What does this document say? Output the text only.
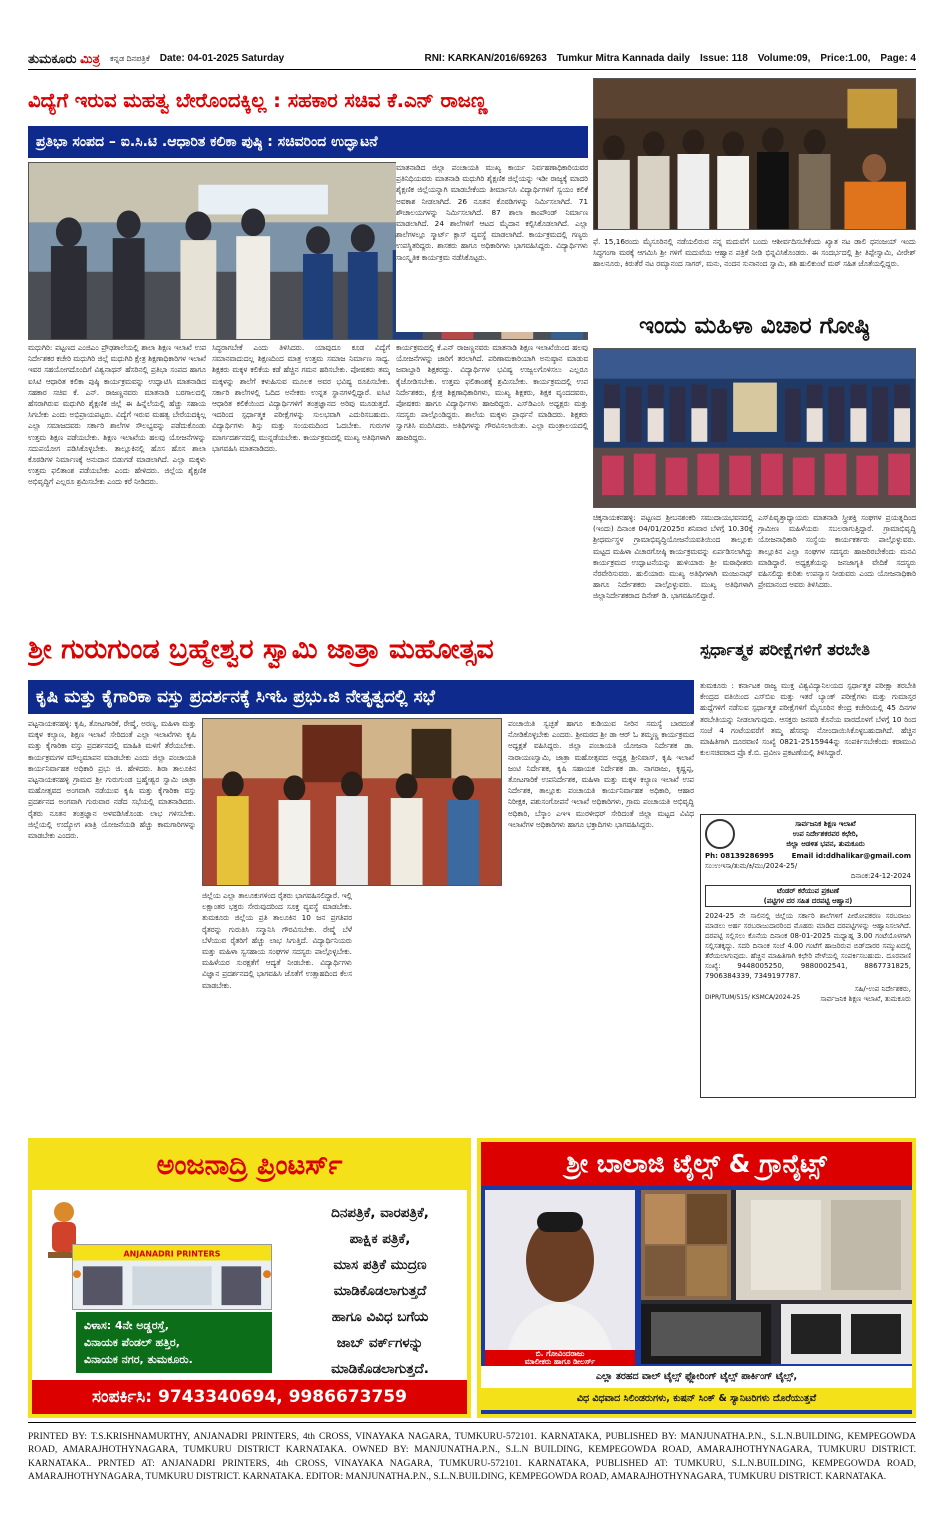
ತುಮಕೂರು ಮಿತ್ರ ಕನ್ನಡ ದಿನಪತ್ರಿಕೆ Date: 04-01-2025 Saturday	RNI: KARKAN/2016/69263 Tumkur Mitra Kannada daily Issue: 118 Volume:09, Price:1.00, Page: 4
ವಿದ್ಯೆಗೆ ಇರುವ ಮಹತ್ವ ಬೇರೊಂದಕ್ಕಿಲ್ಲ : ಸಹಕಾರ ಸಚಿವ ಕೆ.ಎನ್ ರಾಜಣ್ಣ
ಪ್ರತಿಭಾ ಸಂಪದ – ಐ.ಸಿ.ಟಿ .ಆಧಾರಿತ ಕಲಿಕಾ ಪುಷ್ಠಿ : ಸಚಿವರಿಂದ ಉದ್ಘಾಟನೆ
ಮಧುಗಿರಿ: ಪಟ್ಟಣದ ಎಂಜಿಎಂ ಪ್ರೌಢಶಾಲೆಯಲ್ಲಿ ಶಾಲಾ ಶಿಕ್ಷಣ ಇಲಾಖೆ ಉಪ ನಿರ್ದೇಶಕರ ಕಚೇರಿ ಮಧುಗಿರಿ ಜಿಲ್ಲೆ ಮಧುಗಿರಿ ಕ್ಷೇತ್ರ ಶಿಕ್ಷಣಾಧಿಕಾರಿಗಳ ಇಲಾಖೆ ಇವರ ಸಹಯೋಗದೊಂದಿಗೆ ವಿಶ್ವನಾಥನ್ ಹೆಸರಿನಲ್ಲಿ ಪ್ರತಿಭಾ ಸಂಪದ ಹಾಗೂ ಐಸಿಟಿ ಆಧಾರಿತ ಕಲಿಕಾ ಪುಷ್ಠಿ ಕಾರ್ಯಕ್ರಮವನ್ನು ಉದ್ಘಾಟಿಸಿ ಮಾತನಾಡಿದ ಸಹಕಾರ ಸಚಿವ ಕೆ. ಎನ್. ರಾಜಣ್ಣನವರು ಮಾತನಾಡಿ ಬರಗಾಲದಲ್ಲಿ ಹೆಸರಾಗಿರುವ ಮಧುಗಿರಿ ಶೈಕ್ಷಣಿಕ ಜಿಲ್ಲೆ ಈ ಹಿನ್ನೆಲೆಯಲ್ಲಿ ಹೆಚ್ಚು ಸಹಾಯ ಸಿಗಬೇಕು ಎಂದು ಅಭಿಪ್ರಾಯಪಟ್ಟರು. ವಿದ್ಯೆಗೆ ಇರುವ ಮಹತ್ವ ಬೇರೆಯದಕ್ಕಿಲ್ಲ ಎಲ್ಲಾ ಸಮಾಜದವರು ಸರ್ಕಾರಿ ಶಾಲೆಗಳ ಸೌಲಭ್ಯವನ್ನು ಪಡೆದುಕೊಂಡು ಉತ್ತಮ ಶಿಕ್ಷಣ ಪಡೆಯಬೇಕು. ಶಿಕ್ಷಣ ಇಲಾಖೆಯ ಹಲವು ಯೋಜನೆಗಳನ್ನು ಸದುಪಯೋಗ ಪಡಿಸಿಕೊಳ್ಳಬೇಕು. ತಾಲ್ಲೂಕಿನಲ್ಲಿ ಹೊಸ ಹೊಸ ಶಾಲಾ ಕೊಠಡಿಗಳ ನಿರ್ಮಾಣಕ್ಕೆ ಅನುದಾನ ಬಿಡುಗಡೆ ಮಾಡಲಾಗಿದೆ. ಎಲ್ಲಾ ಮಕ್ಕಳು ಉತ್ತಮ ಫಲಿತಾಂಶ ಪಡೆಯಬೇಕು ಎಂದು ಹೇಳಿದರು. ಜಿಲ್ಲೆಯ ಶೈಕ್ಷಣಿಕ ಅಭಿವೃದ್ಧಿಗೆ ಎಲ್ಲರೂ ಶ್ರಮಿಸಬೇಕು ಎಂದು ಕರೆ ನೀಡಿದರು.
ಸಿದ್ಧರಾಗಬೇಕೆ ಎಂದು ತಿಳಿಸಿದರು. ಯಾವುದೂ ಕೂಡ ವಿದ್ಯೆಗೆ ಸಮಾನವಾದುದಲ್ಲ ಶಿಕ್ಷಣದಿಂದ ಮಾತ್ರ ಉತ್ತಮ ಸಮಾಜ ನಿರ್ಮಾಣ ಸಾಧ್ಯ. ಶಿಕ್ಷಕರು ಮಕ್ಕಳ ಕಲಿಕೆಯ ಕಡೆ ಹೆಚ್ಚಿನ ಗಮನ ಹರಿಸಬೇಕು. ಪೋಷಕರು ತಮ್ಮ ಮಕ್ಕಳನ್ನು ಶಾಲೆಗೆ ಕಳುಹಿಸುವ ಮೂಲಕ ಅವರ ಭವಿಷ್ಯ ರೂಪಿಸಬೇಕು. ಸರ್ಕಾರಿ ಶಾಲೆಗಳಲ್ಲಿ ಓದಿದ ಅನೇಕರು ಉನ್ನತ ಸ್ಥಾನಗಳಲ್ಲಿದ್ದಾರೆ. ಐಸಿಟಿ ಆಧಾರಿತ ಕಲಿಕೆಯಿಂದ ವಿದ್ಯಾರ್ಥಿಗಳಿಗೆ ತಂತ್ರಜ್ಞಾನದ ಅರಿವು ಮೂಡುತ್ತದೆ. ಇದರಿಂದ ಸ್ಪರ್ಧಾತ್ಮಕ ಪರೀಕ್ಷೆಗಳನ್ನು ಸುಲಭವಾಗಿ ಎದುರಿಸಬಹುದು. ವಿದ್ಯಾರ್ಥಿಗಳು ಶಿಸ್ತು ಮತ್ತು ಸಂಯಮದಿಂದ ಓದಬೇಕು. ಗುರುಗಳ ಮಾರ್ಗದರ್ಶನದಲ್ಲಿ ಮುನ್ನಡೆಯಬೇಕು. ಕಾರ್ಯಕ್ರಮದಲ್ಲಿ ಮುಖ್ಯ ಅತಿಥಿಗಳಾಗಿ ಭಾಗವಹಿಸಿ ಮಾತನಾಡಿದರು.
ಮಾತನಾಡಿದ ಜಿಲ್ಲಾ ಪಂಚಾಯತಿ ಮುಖ್ಯ ಕಾರ್ಯ ನಿರ್ವಹಣಾಧಿಕಾರಿಯವರ ಪ್ರತಿನಿಧಿಯವರು ಮಾತನಾಡಿ ಮಧುಗಿರಿ ಶೈಕ್ಷಣಿಕ ಜಿಲ್ಲೆಯನ್ನು ಇಡೀ ರಾಜ್ಯಕ್ಕೆ ಮಾದರಿ ಶೈಕ್ಷಣಿಕ ಜಿಲ್ಲೆಯನ್ನಾಗಿ ಮಾಡಬೇಕೆಂದು ತೀರ್ಮಾನಿಸಿ ವಿದ್ಯಾರ್ಥಿಗಳಿಗೆ ಸ್ವಯಂ ಕಲಿಕೆ ಅವಕಾಶ ನೀಡಲಾಗಿದೆ. 26 ನೂತನ ಕೊಠಡಿಗಳನ್ನು ನಿರ್ಮಿಸಲಾಗಿದೆ. 71 ಶೌಚಾಲಯಗಳನ್ನು ನಿರ್ಮಿಸಲಾಗಿದೆ. 87 ಶಾಲಾ ಕಾಂಪೌಂಡ್ ನಿರ್ಮಾಣ ಮಾಡಲಾಗಿದೆ. 24 ಶಾಲೆಗಳಿಗೆ ಆಟದ ಮೈದಾನ ಕಲ್ಪಿಸಿಕೊಡಲಾಗಿದೆ. ಎಲ್ಲಾ ಶಾಲೆಗಳಲ್ಲೂ ಸ್ಮಾರ್ಟ್ ಕ್ಲಾಸ್ ವ್ಯವಸ್ಥೆ ಮಾಡಲಾಗಿದೆ. ಕಾರ್ಯಕ್ರಮದಲ್ಲಿ ಗಣ್ಯರು ಉಪಸ್ಥಿತರಿದ್ದರು. ಶಾಸಕರು ಹಾಗೂ ಅಧಿಕಾರಿಗಳು ಭಾಗವಹಿಸಿದ್ದರು. ವಿದ್ಯಾರ್ಥಿಗಳು ಸಾಂಸ್ಕೃತಿಕ ಕಾರ್ಯಕ್ರಮ ನಡೆಸಿಕೊಟ್ಟರು.
ಕಾರ್ಯಕ್ರಮದಲ್ಲಿ ಕೆ.ಎನ್ ರಾಜಣ್ಣನವರು ಮಾತನಾಡಿ ಶಿಕ್ಷಣ ಇಲಾಖೆಯಿಂದ ಹಲವು ಯೋಜನೆಗಳನ್ನು ಜಾರಿಗೆ ತರಲಾಗಿದೆ. ಪರಿಣಾಮಕಾರಿಯಾಗಿ ಅನುಷ್ಠಾನ ಮಾಡುವ ಜವಾಬ್ದಾರಿ ಶಿಕ್ಷಕರದ್ದು. ವಿದ್ಯಾರ್ಥಿಗಳ ಭವಿಷ್ಯ ಉಜ್ವಲಗೊಳಿಸಲು ಎಲ್ಲರೂ ಕೈಜೋಡಿಸಬೇಕು. ಉತ್ತಮ ಫಲಿತಾಂಶಕ್ಕೆ ಶ್ರಮಿಸಬೇಕು. ಕಾರ್ಯಕ್ರಮದಲ್ಲಿ ಉಪ ನಿರ್ದೇಶಕರು, ಕ್ಷೇತ್ರ ಶಿಕ್ಷಣಾಧಿಕಾರಿಗಳು, ಮುಖ್ಯ ಶಿಕ್ಷಕರು, ಶಿಕ್ಷಕ ವೃಂದದವರು, ಪೋಷಕರು ಹಾಗೂ ವಿದ್ಯಾರ್ಥಿಗಳು ಹಾಜರಿದ್ದರು. ಎಸ್‌ಡಿಎಂಸಿ ಅಧ್ಯಕ್ಷರು ಮತ್ತು ಸದಸ್ಯರು ಪಾಲ್ಗೊಂಡಿದ್ದರು. ಶಾಲೆಯ ಮಕ್ಕಳು ಪ್ರಾರ್ಥನೆ ಮಾಡಿದರು. ಶಿಕ್ಷಕರು ಸ್ವಾಗತಿಸಿ ವಂದಿಸಿದರು. ಅತಿಥಿಗಳನ್ನು ಗೌರವಿಸಲಾಯಿತು. ಎಲ್ಲಾ ಮಂತ್ರಾಲಯದಲ್ಲಿ ಹಾಜರಿದ್ದರು.
ಫೆ. 15,16ರಂದು ಮೈಸೂರಿನಲ್ಲಿ ನಡೆಯಲಿರುವ ನನ್ನ ಮದುವೆಗೆ ಬಂದು ಆಶೀರ್ವದಿಸಬೇಕೆಂದು ಖ್ಯಾತ ನಟ ಡಾಲಿ ಧನಂಜಯ್ ಇಂದು ಸಿದ್ಧಗಂಗಾ ಮಠಕ್ಕೆ ಆಗಮಿಸಿ ಶ್ರೀ ಗಳಿಗೆ ಮದುವೆಯ ಆಹ್ವಾನ ಪತ್ರಿಕೆ ನೀಡಿ ಭಿನ್ನವಿಸಿಕೊಂಡರು. ಈ ಸಂದರ್ಭದಲ್ಲಿ ಶ್ರೀ ತಿಪ್ಪೇಸ್ವಾಮಿ, ವೀರೇಶ್ ಹಾಲನೂರು, ಕಿರುತೆರೆ ನಟ ರಮ್ಯಾನಂದ ಸಾಗರ್, ಮನು, ನಂದನ ಸುನಾನಂದ ಸ್ವಾಮಿ, ಶಶಿ ಹುಲಿಕುಂಟೆ ಮಠ್ ಸಹಿತ ಜೊತೆಯಲ್ಲಿದ್ದರು.
ಇಂದು ಮಹಿಳಾ ವಿಚಾರ ಗೋಷ್ಠಿ
ಚಿಕ್ಕನಾಯಕನಹಳ್ಳಿ: ಪಟ್ಟಣದ ಶ್ರೀಬನಶಂಕರಿ ಸಮುದಾಯಭವನದಲ್ಲಿ (ಇಂದು) ದಿನಾಂಕ 04/01/2025ರ ಶನಿವಾರ ಬೆಳಗ್ಗೆ 10.30ಕ್ಕೆ ಶ್ರೀಧರ್ಮಸ್ಥಳ ಗ್ರಾಮಾಭಿವೃದ್ಧಿಯೋಜನೆಯವತಿಯಿಂದ ತಾಲ್ಲೂಕು ಮಟ್ಟದ ಮಹಿಳಾ ವಿಚಾರಗೋಷ್ಠಿ ಕಾರ್ಯಕ್ರಮವನ್ನು ಏರ್ಪಡಿಸಲಾಗಿದ್ದು ಕಾರ್ಯಕ್ರಮದ ಉದ್ಘಾಟನೆಯನ್ನು ಹುಳಿಯಾರು ಶ್ರೀ ಮಠಾಧೀಶರು ನೆರವೇರಿಸುವರು. ಹುಲಿಯಾರು ಮುಖ್ಯ ಅತಿಥಿಗಳಾಗಿ ಮಂಜುನಾಥ್ ಹಾಗೂ ನಿರ್ದೇಶಕರು ಪಾಲ್ಗೊಳ್ಳುವರು. ಮುಖ್ಯ ಅತಿಥಿಗಳಾಗಿ ಜಿಲ್ಲಾನಿರ್ದೇಶಕರಾದ ದಿನೇಶ್ ಡಿ. ಭಾಗವಹಿಸಲಿದ್ದಾರೆ.
ಎಸ್‌ಪಿವೃತ್ತಾಧ್ಯಾಯರು ಮಾತನಾಡಿ ಸ್ತ್ರೀಶಕ್ತಿ ಸಂಘಗಳ ಪ್ರಯತ್ನದಿಂದ ಗ್ರಾಮೀಣ ಮಹಿಳೆಯರು ಸಬಲರಾಗುತ್ತಿದ್ದಾರೆ. ಗ್ರಾಮಾಭಿವೃದ್ಧಿ ಯೋಜನಾಧಿಕಾರಿ ಸಂಸ್ಥೆಯ ಕಾರ್ಯಕರ್ತರು ಪಾಲ್ಗೊಳ್ಳುವರು. ತಾಲ್ಲೂಕಿನ ಎಲ್ಲಾ ಸಂಘಗಳ ಸದಸ್ಯರು ಹಾಜರಿರಬೇಕೆಂದು ಮನವಿ ಮಾಡಿದ್ದಾರೆ. ಅಧ್ಯಕ್ಷತೆಯನ್ನು ಜನಜಾಗೃತಿ ವೇದಿಕೆ ಸದಸ್ಯರು ವಹಿಸಲಿದ್ದು ಕುರಿತು ಉಪನ್ಯಾಸ ನೀಡುವರು ಎಂದು ಯೋಜನಾಧಿಕಾರಿ ಪ್ರೇಮಾನಂದ ಅವರು ತಿಳಿಸಿದರು.
ಶ್ರೀ ಗುರುಗುಂಡ ಬ್ರಹ್ಮೇಶ್ವರ ಸ್ವಾಮಿ ಜಾತ್ರಾ ಮಹೋತ್ಸವ
ಕೃಷಿ ಮತ್ತು ಕೈಗಾರಿಕಾ ವಸ್ತು ಪ್ರದರ್ಶನಕ್ಕೆ ಸಿಇಓ ಪ್ರಭು.ಜಿ ನೇತೃತ್ವದಲ್ಲಿ ಸಭೆ
ಪಟ್ಟನಾಯಕನಹಳ್ಳಿ: ಕೃಷಿ, ತೋಟಗಾರಿಕೆ, ರೇಷ್ಮೆ, ಅರಣ್ಯ, ಮಹಿಳಾ ಮತ್ತು ಮಕ್ಕಳ ಕಲ್ಯಾಣ, ಶಿಕ್ಷಣ ಇಲಾಖೆ ಸೇರಿದಂತೆ ಎಲ್ಲಾ ಇಲಾಖೆಗಳು ಕೃಷಿ ಮತ್ತು ಕೈಗಾರಿಕಾ ವಸ್ತು ಪ್ರದರ್ಶನದಲ್ಲಿ ಮಾಹಿತಿ ಮಳಿಗೆ ತೆರೆಯಬೇಕು. ಕಾರ್ಯಕ್ರಮಗಳ ಮೌಲ್ಯಮಾಪನ ಮಾಡಬೇಕು ಎಂದು ಜಿಲ್ಲಾ ಪಂಚಾಯತಿ ಕಾರ್ಯನಿರ್ವಾಹಕ ಅಧಿಕಾರಿ ಪ್ರಭು ಜಿ. ಹೇಳಿದರು. ಶಿರಾ ತಾಲೂಕಿನ ಪಟ್ಟನಾಯಕನಹಳ್ಳಿ ಗ್ರಾಮದ ಶ್ರೀ ಗುರುಗುಂಡ ಬ್ರಹ್ಮೇಶ್ವರ ಸ್ವಾಮಿ ಜಾತ್ರಾ ಮಹೋತ್ಸವದ ಅಂಗವಾಗಿ ನಡೆಯುವ ಕೃಷಿ ಮತ್ತು ಕೈಗಾರಿಕಾ ವಸ್ತು ಪ್ರದರ್ಶನದ ಅಂಗವಾಗಿ ಗುರುವಾರ ನಡೆದ ಸಭೆಯಲ್ಲಿ ಮಾತನಾಡಿದರು. ರೈತರು ನೂತನ ತಂತ್ರಜ್ಞಾನ ಅಳವಡಿಸಿಕೊಂಡು ಲಾಭ ಗಳಿಸಬೇಕು. ಜಿಲ್ಲೆಯಲ್ಲಿ ಉದ್ಯೋಗ ಖಾತ್ರಿ ಯೋಜನೆಯಡಿ ಹೆಚ್ಚು ಕಾಮಗಾರಿಗಳನ್ನು ಮಾಡಬೇಕು ಎಂದರು.
ಜಿಲ್ಲೆಯ ಎಲ್ಲಾ ತಾಲೂಕುಗಳಿಂದ ರೈತರು ಭಾಗವಹಿಸಲಿದ್ದಾರೆ. ಇಲ್ಲಿ ಲಕ್ಷಾಂತರ ಭಕ್ತರು ಸೇರುವುದರಿಂದ ಸೂಕ್ತ ವ್ಯವಸ್ಥೆ ಮಾಡಬೇಕು. ತುಮಕೂರು ಜಿಲ್ಲೆಯ ಪ್ರತಿ ತಾಲೂಕಿನ 10 ಜನ ಪ್ರಗತಿಪರ ರೈತರನ್ನು ಗುರುತಿಸಿ ಸನ್ಮಾನಿಸಿ ಗೌರವಿಸಬೇಕು. ರೇಷ್ಮೆ ಬೆಳೆ ಬೆಳೆಯುವ ರೈತರಿಗೆ ಹೆಚ್ಚು ಲಾಭ ಸಿಗುತ್ತಿದೆ. ವಿದ್ಯಾರ್ಥಿನಿಯರು ಮತ್ತು ಮಹಿಳಾ ಸ್ವಸಹಾಯ ಸಂಘಗಳ ಸದಸ್ಯರು ಪಾಲ್ಗೊಳ್ಳಬೇಕು. ಮಹಿಳೆಯರ ಸುರಕ್ಷತೆಗೆ ಆದ್ಯತೆ ನೀಡಬೇಕು. ವಿದ್ಯಾರ್ಥಿಗಳು ವಿಜ್ಞಾನ ಪ್ರದರ್ಶನದಲ್ಲಿ ಭಾಗವಹಿಸಿ ಜೊತೆಗೆ ಉತ್ಸಾಹದಿಂದ ಕೆಲಸ ಮಾಡಬೇಕು.
ಪಂಚಾಯಿತಿ ಸ್ವಚ್ಛತೆ ಹಾಗೂ ಕುಡಿಯುವ ನೀರಿನ ಸಮಸ್ಯೆ ಬಾರದಂತೆ ನೋಡಿಕೊಳ್ಳಬೇಕು ಎಂದರು. ಶ್ರೀಮಠದ ಶ್ರೀ ಡಾ ಆರ್ ಓ ತಮ್ಮಣ್ಣ ಕಾರ್ಯಕ್ರಮದ ಅಧ್ಯಕ್ಷತೆ ವಹಿಸಿದ್ದರು. ಜಿಲ್ಲಾ ಪಂಚಾಯತಿ ಯೋಜನಾ ನಿರ್ದೇಶಕ ಡಾ. ನಾರಾಯಣಸ್ವಾಮಿ, ಜಾತ್ರಾ ಮಹೋತ್ಸವದ ಅಧ್ಯಕ್ಷ ಶ್ರೀನಿವಾಸ್, ಕೃಷಿ ಇಲಾಖೆ ಜಂಟಿ ನಿರ್ದೇಶಕ, ಕೃಷಿ ಸಹಾಯಕ ನಿರ್ದೇಶಕ ಡಾ. ನಾಗರಾಜು, ಕೃಷ್ಣಪ್ಪ, ತೋಟಗಾರಿಕೆ ಉಪನಿರ್ದೇಶಕ, ಮಹಿಳಾ ಮತ್ತು ಮಕ್ಕಳ ಕಲ್ಯಾಣ ಇಲಾಖೆ ಉಪ ನಿರ್ದೇಶಕ, ತಾಲ್ಲೂಕು ಪಂಚಾಯತಿ ಕಾರ್ಯನಿರ್ವಾಹಕ ಅಧಿಕಾರಿ, ಆಹಾರ ನಿರೀಕ್ಷಕ, ಪಶುಸಂಗೋಪನೆ ಇಲಾಖೆ ಅಧಿಕಾರಿಗಳು, ಗ್ರಾಮ ಪಂಚಾಯತಿ ಅಭಿವೃದ್ಧಿ ಅಧಿಕಾರಿ, ಬೆಸ್ಕಾಂ ಎಇಇ ಮುರಳೀಧರ್ ಸೇರಿದಂತೆ ಜಿಲ್ಲಾ ಮಟ್ಟದ ವಿವಿಧ ಇಲಾಖೆಗಳ ಅಧಿಕಾರಿಗಳು ಹಾಗೂ ಭಕ್ತಾದಿಗಳು ಭಾಗವಹಿಸಿದ್ದರು.
ಸ್ಪರ್ಧಾತ್ಮಕ ಪರೀಕ್ಷೆಗಳಿಗೆ ತರಬೇತಿ
ತುಮಕೂರು : ಕರ್ನಾಟಕ ರಾಜ್ಯ ಮುಕ್ತ ವಿಶ್ವವಿದ್ಯಾನಿಲಯದ ಸ್ಪರ್ಧಾತ್ಮಕ ಪರೀಕ್ಷಾ ತರಬೇತಿ ಕೇಂದ್ರದ ವತಿಯಿಂದ ಎಸ್‌ಬಿಐ ಮತ್ತು ಇತರೆ ಬ್ಯಾಂಕ್ ಪರೀಕ್ಷೆಗಳು ಮತ್ತು ಗುಮಾಸ್ತರ ಹುದ್ದೆಗಳಿಗೆ ನಡೆಸುವ ಸ್ಪರ್ಧಾತ್ಮಕ ಪರೀಕ್ಷೆಗಳಿಗೆ ಮೈಸೂರಿನ ಕೇಂದ್ರ ಕಚೇರಿಯಲ್ಲಿ 45 ದಿನಗಳ ತರಬೇತಿಯನ್ನು ನೀಡಲಾಗುವುದು. ಆಸಕ್ತರು ಜನವರಿ ಕೊನೆಯ ವಾರದೊಳಗೆ ಬೆಳಗ್ಗೆ 10 ರಿಂದ ಸಂಜೆ 4 ಗಂಟೆಯವರೆಗೆ ತಮ್ಮ ಹೆಸರನ್ನು ನೋಂದಾಯಿಸಿಕೊಳ್ಳಬಹುದಾಗಿದೆ. ಹೆಚ್ಚಿನ ಮಾಹಿತಿಗಾಗಿ ದೂರವಾಣಿ ಸಂಖ್ಯೆ 0821-2515944ನ್ನು ಸಂಪರ್ಕಿಸಬೇಕೆಂದು ಕರಾಮುವಿ ಕುಲಸಚಿವರಾದ ಪ್ರೊ ಕೆ.ಬಿ. ಪ್ರವೀಣ ಪ್ರಕಟಣೆಯಲ್ಲಿ ತಿಳಿಸಿದ್ದಾರೆ.
ಸಾರ್ವಜನಿಕ ಶಿಕ್ಷಣ ಇಲಾಖೆ
ಉಪ ನಿರ್ದೇಶಕರವರ ಕಛೇರಿ,
ಜಿಲ್ಲಾ ಆಡಳಿತ ಭವನ, ತುಮಕೂರು
Ph: 08139286995	Email id:ddhalikar@gmail.com
ಸಂ:ಉಇಸಾ/ತುಮ/ಕಿ/ಮು/2024-25/
ದಿನಾಂಕ:24-12-2024
ಟೆಂಡರ್ ಕರೆಯುವ ಪ್ರಕಟಣೆ
(ಪಟ್ಟಿಗಳ ದರ ಸಹಿತ ದರಪಟ್ಟಿ ಆಹ್ವಾನ)
2024-25 ನೇ ಸಾಲಿನಲ್ಲಿ ಜಿಲ್ಲೆಯ ಸರ್ಕಾರಿ ಶಾಲೆಗಳಿಗೆ ಪೀಠೋಪಕರಣ ಸರಬರಾಜು ಮಾಡಲು ಅರ್ಹ ಸರಬರಾಜುದಾರರಿಂದ ಮೊಹರು ಮಾಡಿದ ದರಪಟ್ಟಿಗಳನ್ನು ಆಹ್ವಾನಿಸಲಾಗಿದೆ. ದರಪಟ್ಟಿ ಸಲ್ಲಿಸಲು ಕೊನೆಯ ದಿನಾಂಕ 08-01-2025 ಮಧ್ಯಾಹ್ನ 3.00 ಗಂಟೆಯೊಳಗಾಗಿ ಸಲ್ಲಿಸತಕ್ಕದ್ದು. ಸದರಿ ದಿನಾಂಕ ಸಂಜೆ 4.00 ಗಂಟೆಗೆ ಹಾಜರಿರುವ ಬಿಡ್‌ದಾರರ ಸಮ್ಮುಖದಲ್ಲಿ ತೆರೆಯಲಾಗುವುದು. ಹೆಚ್ಚಿನ ಮಾಹಿತಿಗಾಗಿ ಕಛೇರಿ ವೇಳೆಯಲ್ಲಿ ಸಂಪರ್ಕಿಸಬಹುದು. ದೂರವಾಣಿ ಸಂಖ್ಯೆ: 9448005250, 9880002541, 8867731825, 7906384339, 7349197787.
ಸಹಿ/-ಉಪ ನಿರ್ದೇಶಕರು,
DIPR/TUM/515/ KSMCA/2024-25	ಸಾರ್ವಜನಿಕ ಶಿಕ್ಷಣ ಇಲಾಖೆ, ತುಮಕೂರು
ಅಂಜನಾದ್ರಿ ಪ್ರಿಂಟರ್ಸ್
ANJANADRI PRINTERS
ದಿನಪತ್ರಿಕೆ, ವಾರಪತ್ರಿಕೆ,
ಪಾಕ್ಷಿಕ ಪತ್ರಿಕೆ,
ಮಾಸ ಪತ್ರಿಕೆ ಮುದ್ರಣ
ಮಾಡಿಕೊಡಲಾಗುತ್ತದೆ
ಹಾಗೂ ವಿವಿಧ ಬಗೆಯ
ಜಾಬ್ ವರ್ಕ್‌ಗಳನ್ನು
ಮಾಡಿಕೊಡಲಾಗುತ್ತದೆ.
ವಿಳಾಸ: 4ನೇ ಅಡ್ಡರಸ್ತೆ,
ವಿನಾಯಕ ಪೆಂಡಲ್ ಹತ್ತಿರ,
ವಿನಾಯಕ ನಗರ, ತುಮಕೂರು.
ಸಂಪರ್ಕಿಸಿ: 9743340694, 9986673759
ಶ್ರೀ ಬಾಲಾಜಿ ಟೈಲ್ಸ್ & ಗ್ರಾನೈಟ್ಸ್
ಬಿ. ಗೋವಿಂದರಾಜು
ಮಾಲೀಕರು ಹಾಗೂ ಡೀಲರ್ಸ್
ಎಲ್ಲಾ ತರಹದ ವಾಲ್ ಟೈಲ್ಸ್ ಫ್ಲೋರಿಂಗ್ ಟೈಲ್ಸ್ ಪಾರ್ಕಿಂಗ್ ಟೈಲ್ಸ್,
ವಿಧ ವಿಧವಾದ ಸಿಲಿಂಡರುಗಳು, ಕುಷನ್ ಸಿಂಕ್ & ಸ್ಯಾನಿಟರಿಗಳು ದೊರೆಯುತ್ತವೆ
PRINTED BY: T.S.KRISHNAMURTHY, ANJANADRI PRINTERS, 4th CROSS, VINAYAKA NAGARA, TUMKURU-572101. KARNATAKA, PUBLISHED BY: MANJUNATHA.P.N., S.L.N.BUILDING, KEMPEGOWDA ROAD, AMARAJHOTHYNAGARA, TUMKURU DISTRICT KARNATAKA. OWNED BY: MANJUNATHA.P.N., S.L.N BUILDING, KEMPEGOWDA ROAD, AMARAJHOTHYNAGARA, TUMKURU DISTRICT. KARNATAKA.. PRNTED AT: ANJANADRI PRINTERS, 4th CROSS, VINAYAKA NAGARA, TUMKURU-572101. KARNATAKA, PUBLISHED AT: TUMKURU, S.L.N.BUILDING, KEMPEGOWDA ROAD, AMARAJHOTHYNAGARA, TUMKURU DISTRICT. KARNATAKA. EDITOR: MANJUNATHA.P.N., S.L.N.BUILDING, KEMPEGOWDA ROAD, AMARAJHOTHYNAGARA, TUMKURU DISTRICT. KARNATAKA.
